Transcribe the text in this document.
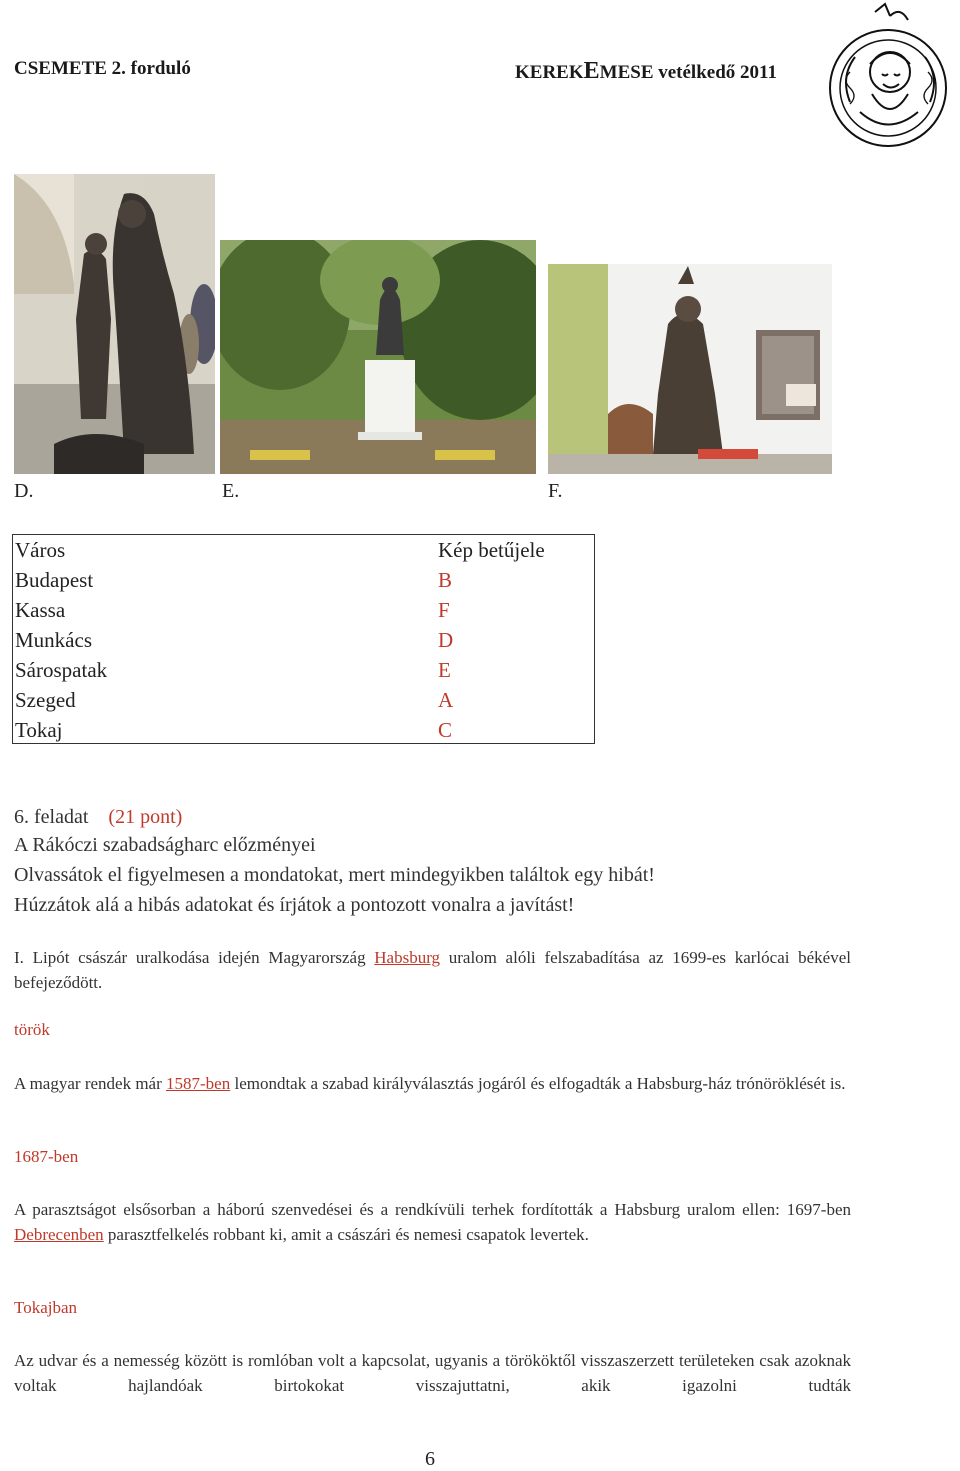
CSEMETE 2. forduló	KEREKEMESE vetélkedő 2011
D.	E.	F.
Város	Kép betűjele
Budapest	B
Kassa	F
Munkács	D
Sárospatak	E
Szeged	A
Tokaj	C
6. feladat (21 pont)
A Rákóczi szabadságharc előzményei
Olvassátok el figyelmesen a mondatokat, mert mindegyikben találtok egy hibát!
Húzzátok alá a hibás adatokat és írjátok a pontozott vonalra a javítást!
I. Lipót császár uralkodása idején Magyarország Habsburg uralom alóli felszabadítása az 1699-es karlócai békével befejeződött.
török
A magyar rendek már 1587-ben lemondtak a szabad királyválasztás jogáról és elfogadták a Habsburg-ház trónöröklését is.
1687-ben
A parasztságot elsősorban a háború szenvedései és a rendkívüli terhek fordították a Habsburg uralom ellen: 1697-ben Debrecenben parasztfelkelés robbant ki, amit a császári és nemesi csapatok levertek.
Tokajban
Az udvar és a nemesség között is romlóban volt a kapcsolat, ugyanis a törököktől visszaszerzett területeken csak azoknak voltak hajlandóak birtokokat visszajuttatni, akik igazolni tudták
6
